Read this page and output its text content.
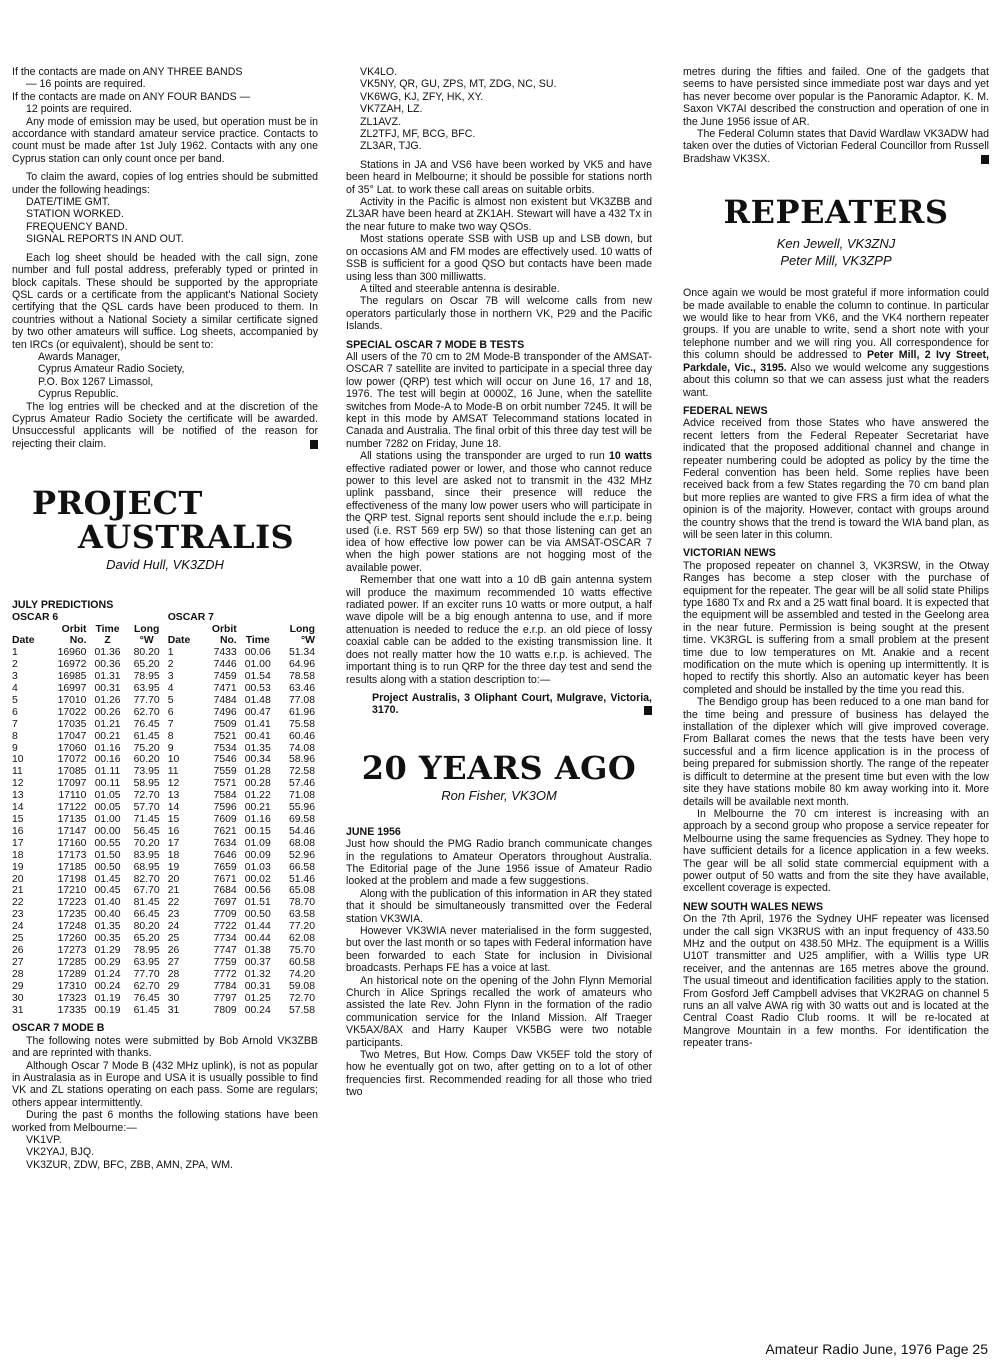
If the contacts are made on ANY THREE BANDS

— 16 points are required.

If the contacts are made on ANY FOUR BANDS —

12 points are required.

Any mode of emission may be used, but operation must be in accordance with standard amateur service practice. Contacts to count must be made after 1st July 1962. Contacts with any one Cyprus station can only count once per band.

To claim the award, copies of log entries should be submitted under the following headings:

DATE/TIME GMT.
STATION WORKED.
FREQUENCY BAND.
SIGNAL REPORTS IN AND OUT.

Each log sheet should be headed with the call sign, zone number and full postal address, preferably typed or printed in block capitals. These should be supported by the appropriate QSL cards or a certificate from the applicant's National Society certifying that the QSL cards have been produced to them. In countries without a National Society a similar certificate signed by two other amateurs will suffice. Log sheets, accompanied by ten IRCs (or equivalent), should be sent to:

Awards Manager,
Cyprus Amateur Radio Society,
P.O. Box 1267 Limassol,
Cyprus Republic.

The log entries will be checked and at the discretion of the Cyprus Amateur Radio Society the certificate will be awarded. Unsuccessful applicants will be notified of the reason for rejecting their claim.

PROJECT
AUSTRALIS
David Hull, VK3ZDH
JULY PREDICTIONS
OSCAR 6				OSCAR 7			
	Orbit	Time	Long		Orbit		Long
Date	No.	Z	°W	Date	No.	Time	°W
1	16960	01.36	80.20	1	7433	00.06	51.34
2	16972	00.36	65.20	2	7446	01.00	64.96
3	16985	01.31	78.95	3	7459	01.54	78.58
4	16997	00.31	63.95	4	7471	00.53	63.46
5	17010	01.26	77.70	5	7484	01.48	77.08
6	17022	00.26	62.70	6	7496	00.47	61.96
7	17035	01.21	76.45	7	7509	01.41	75.58
8	17047	00.21	61.45	8	7521	00.41	60.46
9	17060	01.16	75.20	9	7534	01.35	74.08
10	17072	00.16	60.20	10	7546	00.34	58.96
11	17085	01.11	73.95	11	7559	01.28	72.58
12	17097	00.11	58.95	12	7571	00.28	57.46
13	17110	01.05	72.70	13	7584	01.22	71.08
14	17122	00.05	57.70	14	7596	00.21	55.96
15	17135	01.00	71.45	15	7609	01.16	69.58
16	17147	00.00	56.45	16	7621	00.15	54.46
17	17160	00.55	70.20	17	7634	01.09	68.08
18	17173	01.50	83.95	18	7646	00.09	52.96
19	17185	00.50	68.95	19	7659	01.03	66.58
20	17198	01.45	82.70	20	7671	00.02	51.46
21	17210	00.45	67.70	21	7684	00.56	65.08
22	17223	01.40	81.45	22	7697	01.51	78.70
23	17235	00.40	66.45	23	7709	00.50	63.58
24	17248	01.35	80.20	24	7722	01.44	77.20
25	17260	00.35	65.20	25	7734	00.44	62.08
26	17273	01.29	78.95	26	7747	01.38	75.70
27	17285	00.29	63.95	27	7759	00.37	60.58
28	17289	01.24	77.70	28	7772	01.32	74.20
29	17310	00.24	62.70	29	7784	00.31	59.08
30	17323	01.19	76.45	30	7797	01.25	72.70
31	17335	00.19	61.45	31	7809	00.24	57.58
OSCAR 7 MODE B

The following notes were submitted by Bob Arnold VK3ZBB and are reprinted with thanks.

Although Oscar 7 Mode B (432 MHz uplink), is not as popular in Australasia as in Europe and USA it is usually possible to find VK and ZL stations operating on each pass. Some are regulars; others appear intermittently.

During the past 6 months the following stations have been worked from Melbourne:—

VK1VP.
VK2YAJ, BJQ.
VK3ZUR, ZDW, BFC, ZBB, AMN, ZPA, WM.
VK4LO.
VK5NY, QR, GU, ZPS, MT, ZDG, NC, SU.
VK6WG, KJ, ZFY, HK, XY.
VK7ZAH, LZ.
ZL1AVZ.
ZL2TFJ, MF, BCG, BFC.
ZL3AR, TJG.

Stations in JA and VS6 have been worked by VK5 and have been heard in Melbourne; it should be possible for stations north of 35° Lat. to work these call areas on suitable orbits.

Activity in the Pacific is almost non existent but VK3ZBB and ZL3AR have been heard at ZK1AH. Stewart will have a 432 Tx in the near future to make two way QSOs.

Most stations operate SSB with USB up and LSB down, but on occasions AM and FM modes are effectively used. 10 watts of SSB is sufficient for a good QSO but contacts have been made using less than 300 milliwatts.

A tilted and steerable antenna is desirable.

The regulars on Oscar 7B will welcome calls from new operators particularly those in northern VK, P29 and the Pacific Islands.

SPECIAL OSCAR 7 MODE B TESTS

All users of the 70 cm to 2M Mode-B transponder of the AMSAT-OSCAR 7 satellite are invited to participate in a special three day low power (QRP) test which will occur on June 16, 17 and 18, 1976. The test will begin at 0000Z, 16 June, when the satellite switches from Mode-A to Mode-B on orbit number 7245. It will be kept in this mode by AMSAT Telecommand stations located in Canada and Australia. The final orbit of this three day test will be number 7282 on Friday, June 18.

All stations using the transponder are urged to run 10 watts effective radiated power or lower, and those who cannot reduce power to this level are asked not to transmit in the 432 MHz uplink passband, since their presence will reduce the effectiveness of the many low power users who will participate in the QRP test. Signal reports sent should include the e.r.p. being used (i.e. RST 569 erp 5W) so that those listening can get an idea of how effective low power can be via AMSAT-OSCAR 7 when the high power stations are not hogging most of the available power.

Remember that one watt into a 10 dB gain antenna system will produce the maximum recommended 10 watts effective radiated power. If an exciter runs 10 watts or more output, a half wave dipole will be a big enough antenna to use, and if more attenuation is needed to reduce the e.r.p. an old piece of lossy coaxial cable can be added to the existing transmission line. It does not really matter how the 10 watts e.r.p. is achieved. The important thing is to run QRP for the three day test and send the results along with a station description to:—

Project Australis, 3 Oliphant Court, Mulgrave, Victoria, 3170.

20 YEARS AGO
Ron Fisher, VK3OM
JUNE 1956

Just how should the PMG Radio branch communicate changes in the regulations to Amateur Operators throughout Australia. The Editorial page of the June 1956 issue of Amateur Radio looked at the problem and made a few suggestions.

Along with the publication of this information in AR they stated that it should be simultaneously transmitted over the Federal station VK3WIA.

However VK3WIA never materialised in the form suggested, but over the last month or so tapes with Federal information have been forwarded to each State for inclusion in Divisional broadcasts. Perhaps FE has a voice at last.

An historical note on the opening of the John Flynn Memorial Church in Alice Springs recalled the work of amateurs who assisted the late Rev. John Flynn in the formation of the radio communication service for the Inland Mission. Alf Traeger VK5AX/8AX and Harry Kauper VK5BG were two notable participants.

Two Metres, But How. Comps Daw VK5EF told the story of how he eventually got on two, after getting on to a lot of other frequencies first. Recommended reading for all those who tried two

metres during the fifties and failed. One of the gadgets that seems to have persisted since immediate post war days and yet has never become over popular is the Panoramic Adaptor. K. M. Saxon VK7AI described the construction and operation of one in the June 1956 issue of AR.

The Federal Column states that David Wardlaw VK3ADW had taken over the duties of Victorian Federal Councillor from Russell Bradshaw VK3SX.

REPEATERS
Ken Jewell, VK3ZNJ
Peter Mill, VK3ZPP

Once again we would be most grateful if more information could be made available to enable the column to continue. In particular we would like to hear from VK6, and the VK4 northern repeater groups. If you are unable to write, send a short note with your telephone number and we will ring you. All correspondence for this column should be addressed to Peter Mill, 2 Ivy Street, Parkdale, Vic., 3195. Also we would welcome any suggestions about this column so that we can assess just what the readers want.

FEDERAL NEWS

Advice received from those States who have answered the recent letters from the Federal Repeater Secretariat have indicated that the proposed additional channel and change in repeater numbering could be adopted as policy by the time the Federal convention has been held. Some replies have been received back from a few States regarding the 70 cm band plan but more replies are wanted to give FRS a firm idea of what the opinion is of the majority. However, contact with groups around the country shows that the trend is toward the WIA band plan, as will be seen later in this column.

VICTORIAN NEWS

The proposed repeater on channel 3, VK3RSW, in the Otway Ranges has become a step closer with the purchase of equipment for the repeater. The gear will be all solid state Philips type 1680 Tx and Rx and a 25 watt final board. It is expected that the equipment will be assembled and tested in the Geelong area in the near future. Permission is being sought at the present time. VK3RGL is suffering from a small problem at the present time due to low temperatures on Mt. Anakie and a recent modification on the mute which is opening up intermittently. It is hoped to rectify this shortly. Also an automatic keyer has been completed and should be installed by the time you read this.

The Bendigo group has been reduced to a one man band for the time being and pressure of business has delayed the installation of the diplexer which will give improved coverage. From Ballarat comes the news that the tests have been very successful and a firm licence application is in the process of being prepared for submission shortly. The range of the repeater is difficult to determine at the present time but even with the low site they have stations mobile 80 km away working into it. More details will be available next month.

In Melbourne the 70 cm interest is increasing with an approach by a second group who propose a service repeater for Melbourne using the same frequencies as Sydney. They hope to have sufficient details for a licence application in a few weeks. The gear will be all solid state commercial equipment with a power output of 50 watts and from the site they have available, excellent coverage is expected.

NEW SOUTH WALES NEWS

On the 7th April, 1976 the Sydney UHF repeater was licensed under the call sign VK3RUS with an input frequency of 433.50 MHz and the output on 438.50 MHz. The equipment is a Willis U10T transmitter and U25 amplifier, with a Willis type UR receiver, and the antennas are 165 metres above the ground. The usual timeout and identification facilities apply to the station. From Gosford Jeff Campbell advises that VK2RAG on channel 5 runs an all valve AWA rig with 30 watts out and is located at the Central Coast Radio Club rooms. It will be re-located at Mangrove Mountain in a few months. For identification the repeater trans-

Amateur Radio June, 1976 Page 25
